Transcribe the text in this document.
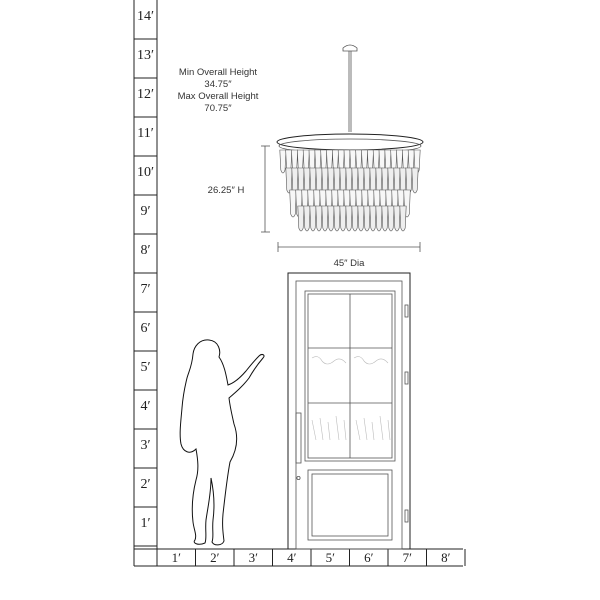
14′
13′
12′
11′
10′
9′
8′
7′
6′
5′
4′
3′
2′
1′
1′ 2′ 3′ 4′ 5′ 6′ 7′ 8′
Min Overall Height
34.75″
Max Overall Height
70.75″
26.25″ H
45″ Dia
